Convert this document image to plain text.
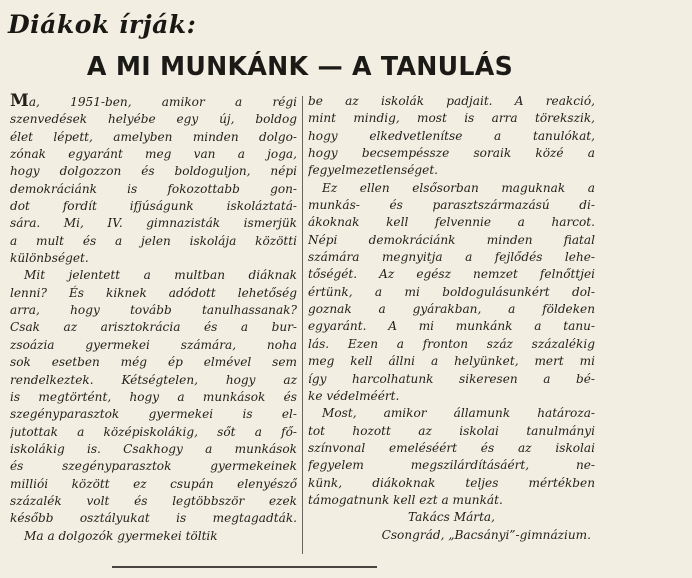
Diákok írják:
A MI MUNKÁNK — A TANULÁS
Ma, 1951-ben, amikor a régi
szenvedések helyébe egy új, boldog
élet lépett, amelyben minden dolgo-
zónak egyaránt meg van a joga,
hogy dolgozzon és boldoguljon, népi
demokráciánk is fokozottabb gon-
dot fordít ifjúságunk iskoláztatá-
sára. Mi, IV. gimnazisták ismerjük
a mult és a jelen iskolája közötti
különbséget.
Mit jelentett a multban diáknak
lenni? És kiknek adódott lehetőség
arra, hogy tovább tanulhassanak?
Csak az arisztokrácia és a bur-
zsoázia gyermekei számára, noha
sok esetben még ép elmével sem
rendelkeztek. Kétségtelen, hogy az
is megtörtént, hogy a munkások és
szegényparasztok gyermekei is el-
jutottak a középiskolákig, sőt a fő-
iskolákig is. Csakhogy a munkások
és szegényparasztok gyermekeinek
milliói között ez csupán elenyésző
százalék volt és legtöbbször ezek
később osztályukat is megtagadták.
Ma a dolgozók gyermekei töltik
be az iskolák padjait. A reakció,
mint mindig, most is arra törekszik,
hogy elkedvetlenítse a tanulókat,
hogy becsempéssze soraik közé a
fegyelmezetlenséget.
Ez ellen elsősorban maguknak a
munkás- és parasztszármazású di-
ákoknak kell felvennie a harcot.
Népi demokráciánk minden fiatal
számára megnyitja a fejlődés lehe-
tőségét. Az egész nemzet felnőttjei
értünk, a mi boldogulásunkért dol-
goznak a gyárakban, a földeken
egyaránt. A mi munkánk a tanu-
lás. Ezen a fronton száz százalékig
meg kell állni a helyünket, mert mi
így harcolhatunk sikeresen a bé-
ke védelméért.
Most, amikor államunk határoza-
tot hozott az iskolai tanulmányi
színvonal emeléséért és az iskolai
fegyelem megszilárdításáért, ne-
künk, diákoknak teljes mértékben
támogatnunk kell ezt a munkát.
Takács Márta,
Csongrád, „Bacsányi”-gimnázium.
